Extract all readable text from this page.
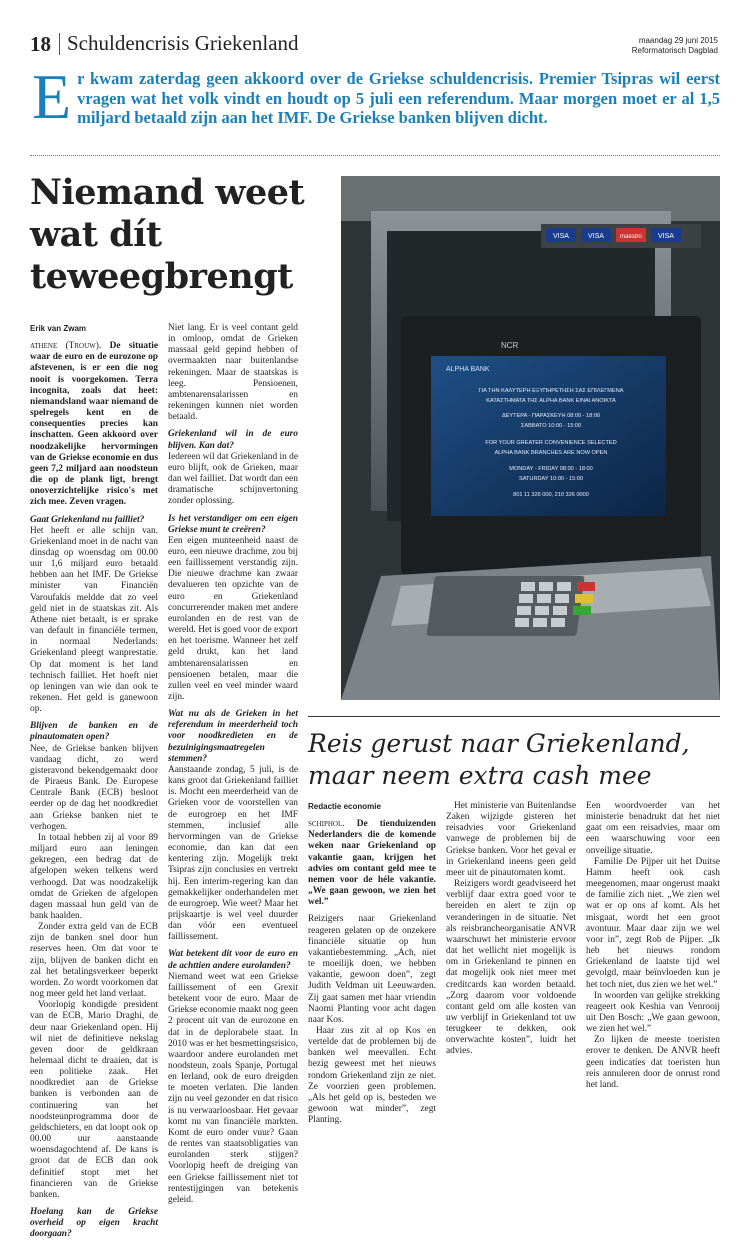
18 Schuldencrisis Griekenland	maandag 29 juni 2015
Reformatorisch Dagblad
E r kwam zaterdag geen akkoord over de Griekse schuldencrisis. Premier Tsipras wil eerst vragen wat het volk vindt en houdt op 5 juli een referendum. Maar morgen moet er al 1,5 miljard betaald zijn aan het IMF. De Griekse banken blijven dicht.
Niemand weet wat dít teweegbrengt

Erik van Zwam

athene (Trouw). De situatie waar de euro en de eurozone op afstevenen, is er een die nog nooit is voorgekomen. Terra incognita, zoals dat heet: niemandsland waar niemand de spelregels kent en de consequenties precies kan inschatten. Geen akkoord over noodzakelijke hervormingen van de Griekse economie en dus geen 7,2 miljard aan noodsteun die op de plank ligt, brengt onoverzichtelijke risico's met zich mee. Zeven vragen.

Gaat Griekenland nu failliet?

Het heeft er alle schijn van. Griekenland moet in de nacht van dinsdag op woensdag om 00.00 uur 1,6 miljard euro betaald hebben aan het IMF. De Griekse minister van Financiën Varoufakis meldde dat zo veel geld niet in de staatskas zit. Als Athene niet betaalt, is er sprake van default in financiële termen, in normaal Nederlands: Griekenland pleegt wanprestatie. Op dat moment is het land technisch failliet. Het hoeft niet op leningen van wie dan ook te rekenen. Het geld is ganewoon op.

Blijven de banken en de pinautomaten open?

Nee, de Griekse banken blijven vandaag dicht, zo werd gisteravond bekendgemaakt door de Piraeus Bank. De Europese Centrale Bank (ECB) besloot eerder op de dag het noodkrediet aan Griekse banken niet te verhogen.

In totaal hebben zij al voor 89 miljard euro aan leningen gekregen, een bedrag dat de afgelopen weken telkens werd verhoogd. Dat was noodzakelijk omdat de Grieken de afgelopen dagen massaal hun geld van de bank haalden.

Zonder extra geld van de ECB zijn de banken snel door hun reserves heen. Om dat voor te zijn, blijven de banken dicht en zal het betalingsverkeer beperkt worden. Zo wordt voorkomen dat nog meer geld het land verlaat.

Voorlopig kondigde president van de ECB, Mario Draghi, de deur naar Griekenland open. Hij wil niet de definitieve nekslag geven door de geldkraan helemaal dicht te draaien, dat is een politieke zaak. Het noodkrediet aan de Griekse banken is verbonden aan de continuering van het noodsteunprogramma door de geldschieters, en dat loopt ook op 00.00 uur aanstaande woensdagochtend af. De kans is groot dat de ECB dan ook definitief stopt met het financieren van de Griekse banken.

Hoelang kan de Griekse overheid op eigen kracht doorgaan?

Niet lang. Er is veel contant geld in omloop, omdat de Grieken massaal geld gepind hebben of overmaakten naar buitenlandse rekeningen. Maar de staatskas is leeg. Pensioenen, ambtenarensalarissen en rekeningen kunnen niet worden betaald.

Griekenland wil in de euro blijven. Kan dat?

Iedereen wil dat Griekenland in de euro blijft, ook de Grieken, maar dan wel failliet. Dat wordt dan een dramatische schijnvertoning zonder oplossing.

Is het verstandiger om een eigen Griekse munt te creëren?

Een eigen munteenheid naast de euro, een nieuwe drachme, zou bij een faillissement verstandig zijn. Die nieuwe drachme kan zwaar devalueren ten opzichte van de euro en Griekenland concurrerender maken met andere eurolanden en de rest van de wereld. Het is goed voor de export en het toerisme. Wanneer het zelf geld drukt, kan het land ambtenarensalarissen en pensioenen betalen, maar die zullen veel en veel minder waard zijn.

Wat nu als de Grieken in het referendum in meerderheid toch voor noodkredieten en de bezuinigingsmaatregelen stemmen?

Aanstaande zondag, 5 juli, is de kans groot dat Griekenland failliet is. Mocht een meerderheid van de Grieken voor de voorstellen van de eurogroep en het IMF stemmen, inclusief alle hervormingen van de Griekse economie, dan kan dat een kentering zijn. Mogelijk trekt Tsipras zijn conclusies en vertrekt hij. Een interim-regering kan dan gemakkelijker onderhandelen met de eurogroep. Wie weet? Maar het prijskaartje is wel veel duurder dan vóór een eventueel faillissement.

Wat betekent dit voor de euro en de achttien andere eurolanden?

Niemand weet wat een Griekse faillissement of een Grexit betekent voor de euro. Maar de Griekse economie maakt nog geen 2 procent uit van de eurozone en dat in de deplorabele staat. In 2010 was er het besmettingsrisico, waardoor andere eurolanden met noodsteun, zoals Spanje, Portugal en Ierland, ook de euro dreigden te moeten verlaten. Die landen zijn nu veel gezonder en dat risico is nu verwaarloosbaar. Het gevaar komt nu van financiële markten. Komt de euro onder vuur? Gaan de rentes van staatsobligaties van eurolanden sterk stijgen? Voorlopig heeft de dreiging van een Griekse faillissement niet tot rentestijgingen van betekenis geleid.

VISA	VISA	maestro VISA
NCR
ALPHA BANK
ΓΙΑ ΤΗΝ ΚΑΛΥΤΕΡΗ ΕΞΥΠΗΡΕΤΗΣΗ ΣΑΣ ΕΠΙΛΕΓΜΕΝΑ
ΚΑΤΑΣΤΗΜΑΤΑ ΤΗΣ ALPHA BANK ΕΙΝΑΙ ΑΝΟΙΚΤΑ
ΔΕΥΤΕΡΑ - ΠΑΡΑΣΚΕΥΗ 08:00 - 18:00
ΣΑΒΒΑΤΟ 10:00 - 15:00
FOR YOUR GREATER CONVENIENCE SELECTED
ALPHA BANK BRANCHES ARE NOW OPEN
MONDAY - FRIDAY 08:00 - 18:00
SATURDAY 10:00 - 15:00
801 11 326 000, 210 326 0000
Reis gerust naar Griekenland, maar neem extra cash mee

Redactie economie

schiphol. De tienduizenden Nederlanders die de komende weken naar Griekenland op vakantie gaan, krijgen het advies om contant geld mee te nemen voor de héle vakantie. „We gaan gewoon, we zien het wel.”

Reizigers naar Griekenland reageren gelaten op de onzekere financiële situatie op hun vakantiebestemming. „Ach, niet te moeilijk doen, we hebben vakantie, gewoon doen”, zegt Judith Veldman uit Leeuwarden. Zij gaat samen met haar vriendin Naomi Planting voor acht dagen naar Kos.

Haar zus zit al op Kos en vertelde dat de problemen bij de banken wel meevallen. Echt bezig geweest met het nieuws rondom Griekenland zijn ze niet. Ze voorzien geen problemen. „Als het geld op is, besteden we gewoon wat minder”, zegt Planting.

Het ministerie van Buitenlandse Zaken wijzigde gisteren het reisadvies voor Griekenland vanwege de problemen bij de Griekse banken. Voor het geval er in Griekenland ineens geen geld meer uit de pinautomaten komt.

Reizigers wordt geadviseerd het verblijf daar extra goed voor te bereiden en alert te zijn op veranderingen in de situatie. Net als reisbrancheorganisatie ANVR waarschuwt het ministerie ervoor dat het wellicht niet mogelijk is om in Griekenland te pinnen en dat mogelijk ook niet meer met creditcards kan worden betaald. „Zorg daarom voor voldoende contant geld om alle kosten van uw verblijf in Griekenland tot uw terugkeer te dekken, ook onverwachte kosten”, luidt het advies.

Een woordvoerder van het ministerie benadrukt dat het niet gaat om een reisadvies, maar om een waarschuwing voor een onveilige situatie.

Familie De Pijper uit het Duitse Hamm heeft ook cash meegenomen, maar ongerust maakt de familie zich niet. „We zien wel wat er op ons af komt. Als het misgaat, wordt het een groot avontuur. Maar daar zijn we wel voor in”, zegt Rob de Pijper. „Ik heb het nieuws rondom Griekenland de laatste tijd wel gevolgd, maar beïnvloeden kun je het toch niet, dus zien we het wel.”

In woorden van gelijke strekking reageert ook Keshia van Venrooij uit Den Bosch: „We gaan gewoon, we zien het wel.”

Zo lijken de meeste toeristen erover te denken. De ANVR heeft geen indicaties dat toeristen hun reis annuleren door de onrust rond het land.
